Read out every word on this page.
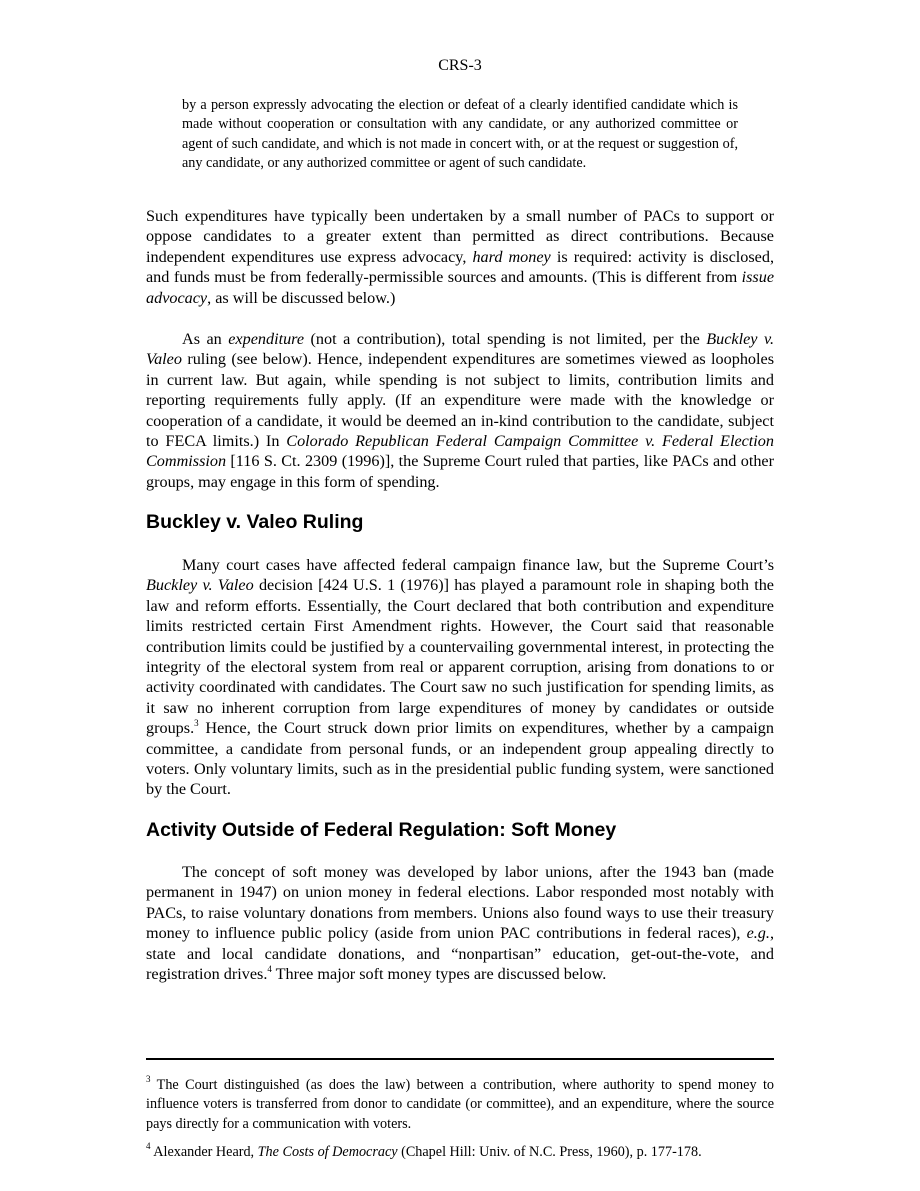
CRS-3
by a person expressly advocating the election or defeat of a clearly identified candidate which is made without cooperation or consultation with any candidate, or any authorized committee or agent of such candidate, and which is not made in concert with, or at the request or suggestion of, any candidate, or any authorized committee or agent of such candidate.

Such expenditures have typically been undertaken by a small number of PACs to support or oppose candidates to a greater extent than permitted as direct contributions. Because independent expenditures use express advocacy, hard money is required: activity is disclosed, and funds must be from federally-permissible sources and amounts. (This is different from issue advocacy, as will be discussed below.)

As an expenditure (not a contribution), total spending is not limited, per the Buckley v. Valeo ruling (see below). Hence, independent expenditures are sometimes viewed as loopholes in current law. But again, while spending is not subject to limits, contribution limits and reporting requirements fully apply. (If an expenditure were made with the knowledge or cooperation of a candidate, it would be deemed an in-kind contribution to the candidate, subject to FECA limits.) In Colorado Republican Federal Campaign Committee v. Federal Election Commission [116 S. Ct. 2309 (1996)], the Supreme Court ruled that parties, like PACs and other groups, may engage in this form of spending.

Buckley v. Valeo Ruling

Many court cases have affected federal campaign finance law, but the Supreme Court’s Buckley v. Valeo decision [424 U.S. 1 (1976)] has played a paramount role in shaping both the law and reform efforts. Essentially, the Court declared that both contribution and expenditure limits restricted certain First Amendment rights. However, the Court said that reasonable contribution limits could be justified by a countervailing governmental interest, in protecting the integrity of the electoral system from real or apparent corruption, arising from donations to or activity coordinated with candidates. The Court saw no such justification for spending limits, as it saw no inherent corruption from large expenditures of money by candidates or outside groups.$^3$ Hence, the Court struck down prior limits on expenditures, whether by a campaign committee, a candidate from personal funds, or an independent group appealing directly to voters. Only voluntary limits, such as in the presidential public funding system, were sanctioned by the Court.

Activity Outside of Federal Regulation: Soft Money

The concept of soft money was developed by labor unions, after the 1943 ban (made permanent in 1947) on union money in federal elections. Labor responded most notably with PACs, to raise voluntary donations from members. Unions also found ways to use their treasury money to influence public policy (aside from union PAC contributions in federal races), e.g., state and local candidate donations, and “nonpartisan” education, get-out-the-vote, and registration drives.$^4$ Three major soft money types are discussed below.

$^3$ The Court distinguished (as does the law) between a contribution, where authority to spend money to influence voters is transferred from donor to candidate (or committee), and an expenditure, where the source pays directly for a communication with voters.

$^4$ Alexander Heard, The Costs of Democracy (Chapel Hill: Univ. of N.C. Press, 1960), p. 177-178.
